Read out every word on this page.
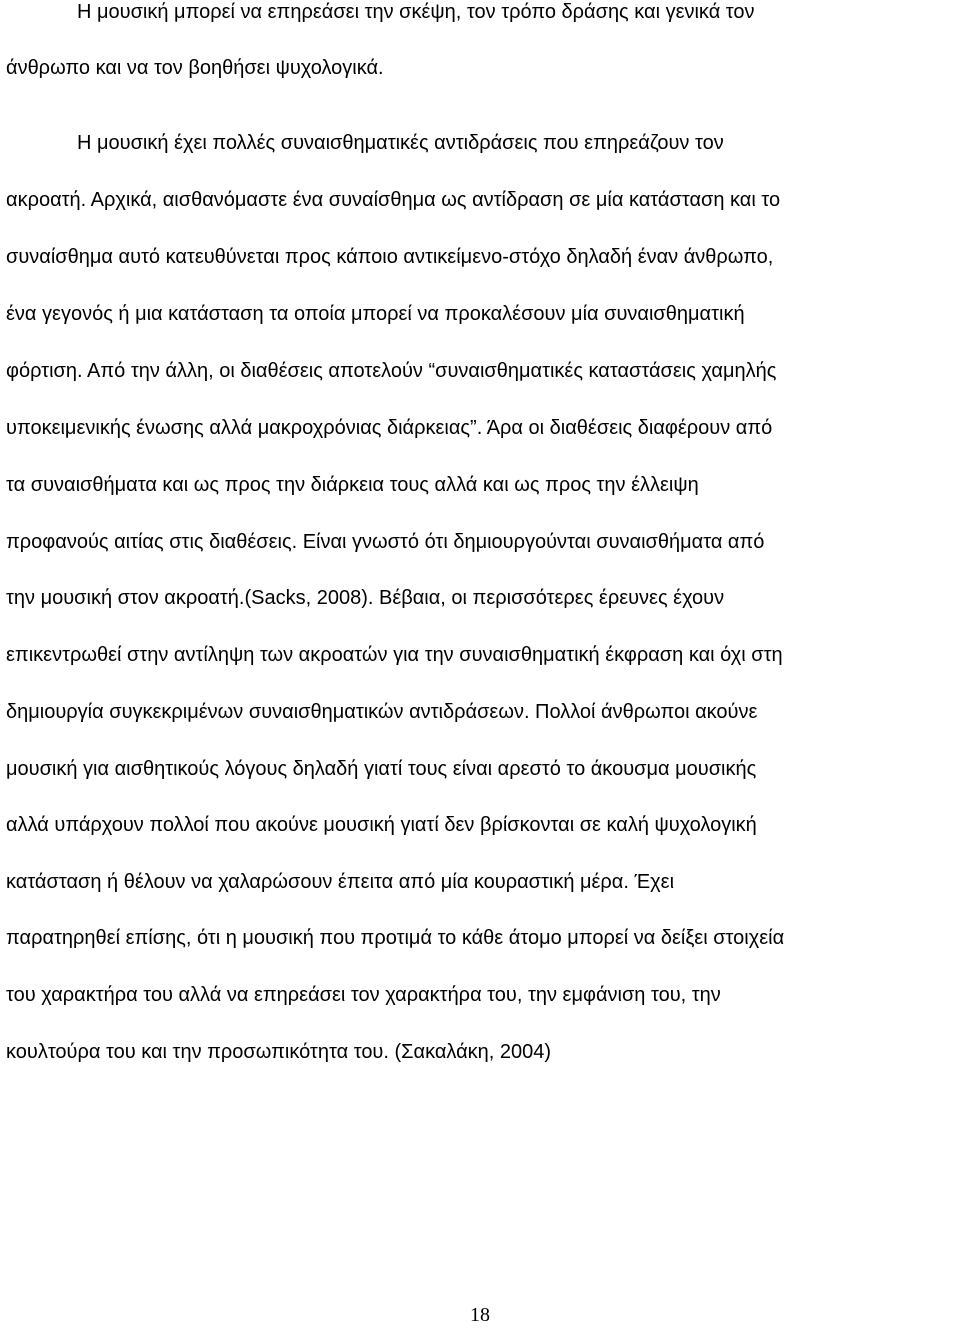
Η μουσική μπορεί να επηρεάσει την σκέψη, τον τρόπο δράσης και γενικά τον
άνθρωπο και να τον βοηθήσει ψυχολογικά.
Η μουσική έχει πολλές συναισθηματικές αντιδράσεις που επηρεάζουν τον
ακροατή. Αρχικά, αισθανόμαστε ένα συναίσθημα ως αντίδραση σε μία κατάσταση και το
συναίσθημα αυτό κατευθύνεται προς κάποιο αντικείμενο-στόχο δηλαδή έναν άνθρωπο,
ένα γεγονός ή μια κατάσταση τα οποία μπορεί να προκαλέσουν μία συναισθηματική
φόρτιση. Από την άλλη, οι διαθέσεις αποτελούν “συναισθηματικές καταστάσεις χαμηλής
υποκειμενικής ένωσης αλλά μακροχρόνιας διάρκειας”. Άρα οι διαθέσεις διαφέρουν από
τα συναισθήματα και ως προς την διάρκεια τους αλλά και ως προς την έλλειψη
προφανούς αιτίας στις διαθέσεις. Είναι γνωστό ότι δημιουργούνται συναισθήματα από
την μουσική στον ακροατή.(Sacks, 2008). Βέβαια, οι περισσότερες έρευνες έχουν
επικεντρωθεί στην αντίληψη των ακροατών για την συναισθηματική έκφραση και όχι στη
δημιουργία συγκεκριμένων συναισθηματικών αντιδράσεων. Πολλοί άνθρωποι ακούνε
μουσική για αισθητικούς λόγους δηλαδή γιατί τους είναι αρεστό το άκουσμα μουσικής
αλλά υπάρχουν πολλοί που ακούνε μουσική γιατί δεν βρίσκονται σε καλή ψυχολογική
κατάσταση ή θέλουν να χαλαρώσουν έπειτα από μία κουραστική μέρα. Έχει
παρατηρηθεί επίσης, ότι η μουσική που προτιμά το κάθε άτομο μπορεί να δείξει στοιχεία
του χαρακτήρα του αλλά να επηρεάσει τον χαρακτήρα του, την εμφάνιση του, την
κουλτούρα του και την προσωπικότητα του. (Σακαλάκη, 2004)
18
